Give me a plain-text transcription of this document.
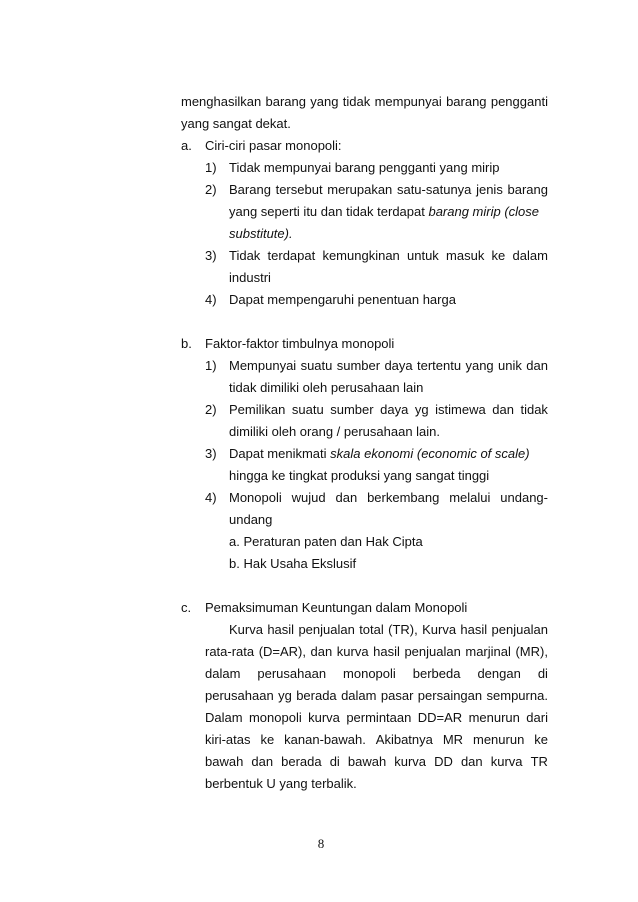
menghasilkan barang yang tidak mempunyai barang pengganti
yang sangat dekat.
a. Ciri-ciri pasar monopoli:
1) Tidak mempunyai barang pengganti yang mirip
2) Barang tersebut merupakan satu-satunya jenis barang
yang seperti itu dan tidak terdapat barang mirip (close
substitute).
3) Tidak terdapat kemungkinan untuk masuk ke dalam
industri
4) Dapat mempengaruhi penentuan harga
b. Faktor-faktor timbulnya monopoli
1) Mempunyai suatu sumber daya tertentu yang unik dan
tidak dimiliki oleh perusahaan lain
2) Pemilikan suatu sumber daya yg istimewa dan tidak
dimiliki oleh orang / perusahaan lain.
3) Dapat menikmati skala ekonomi (economic of scale)
hingga ke tingkat produksi yang sangat tinggi
4) Monopoli wujud dan berkembang melalui undang-
undang
a. Peraturan paten dan Hak Cipta
b. Hak Usaha Ekslusif
c. Pemaksimuman Keuntungan dalam Monopoli
Kurva hasil penjualan total (TR), Kurva hasil penjualan
rata-rata (D=AR), dan kurva hasil penjualan marjinal (MR),
dalam perusahaan monopoli berbeda dengan di
perusahaan yg berada dalam pasar persaingan sempurna.
Dalam monopoli kurva permintaan DD=AR menurun dari
kiri-atas ke kanan-bawah. Akibatnya MR menurun ke
bawah dan berada di bawah kurva DD dan kurva TR
berbentuk U yang terbalik.
8
